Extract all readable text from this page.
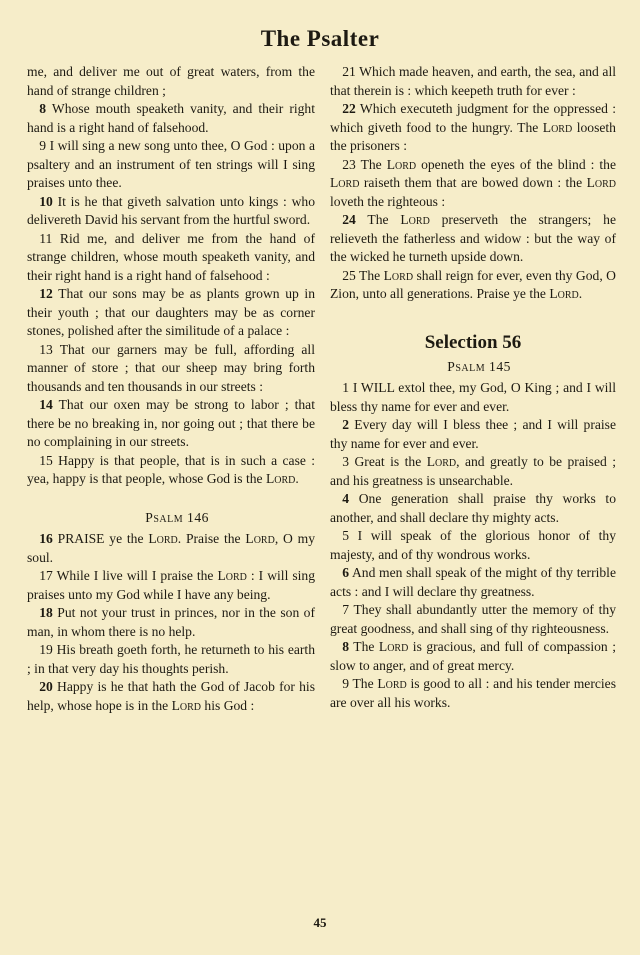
The Psalter

me, and deliver me out of great waters, from the hand of strange children ;

8 Whose mouth speaketh vanity, and their right hand is a right hand of falsehood.

9 I will sing a new song unto thee, O God : upon a psaltery and an instrument of ten strings will I sing praises unto thee.

10 It is he that giveth salvation unto kings : who delivereth David his servant from the hurtful sword.

11 Rid me, and deliver me from the hand of strange children, whose mouth speaketh vanity, and their right hand is a right hand of falsehood :

12 That our sons may be as plants grown up in their youth ; that our daughters may be as corner stones, polished after the similitude of a palace :

13 That our garners may be full, affording all manner of store ; that our sheep may bring forth thousands and ten thousands in our streets :

14 That our oxen may be strong to labor ; that there be no breaking in, nor going out ; that there be no complaining in our streets.

15 Happy is that people, that is in such a case : yea, happy is that people, whose God is the Lord.

Psalm 146

16 PRAISE ye the Lord. Praise the Lord, O my soul.

17 While I live will I praise the Lord : I will sing praises unto my God while I have any being.

18 Put not your trust in princes, nor in the son of man, in whom there is no help.

19 His breath goeth forth, he returneth to his earth ; in that very day his thoughts perish.

20 Happy is he that hath the God of Jacob for his help, whose hope is in the Lord his God :

21 Which made heaven, and earth, the sea, and all that therein is : which keepeth truth for ever :

22 Which executeth judgment for the oppressed : which giveth food to the hungry. The Lord looseth the prisoners :

23 The Lord openeth the eyes of the blind : the Lord raiseth them that are bowed down : the Lord loveth the righteous :

24 The Lord preserveth the strangers; he relieveth the fatherless and widow : but the way of the wicked he turneth upside down.

25 The Lord shall reign for ever, even thy God, O Zion, unto all generations. Praise ye the Lord.

Selection 56

Psalm 145

1 I WILL extol thee, my God, O King ; and I will bless thy name for ever and ever.

2 Every day will I bless thee ; and I will praise thy name for ever and ever.

3 Great is the Lord, and greatly to be praised ; and his greatness is unsearchable.

4 One generation shall praise thy works to another, and shall declare thy mighty acts.

5 I will speak of the glorious honor of thy majesty, and of thy wondrous works.

6 And men shall speak of the might of thy terrible acts : and I will declare thy greatness.

7 They shall abundantly utter the memory of thy great goodness, and shall sing of thy righteousness.

8 The Lord is gracious, and full of compassion ; slow to anger, and of great mercy.

9 The Lord is good to all : and his tender mercies are over all his works.

45
